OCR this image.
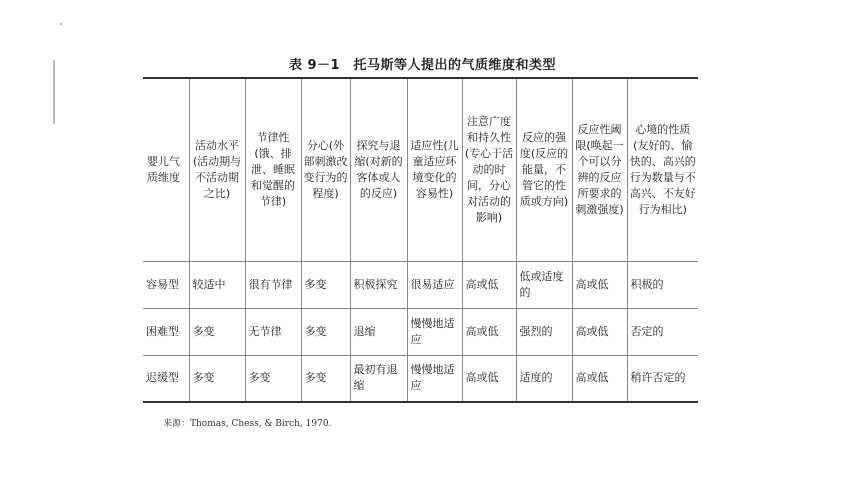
表 9－1　托马斯等人提出的气质维度和类型
婴儿气质维度	活动水平(活动期与不活动期之比)	节律性(饿、排泄、睡眠和觉醒的节律)	分心(外部刺激改变行为的程度)	探究与退缩(对新的客体或人的反应)	适应性(儿童适应环境变化的容易性)	注意广度和持久性(专心于活动的时间，分心对活动的影响)	反应的强度(反应的能量，不管它的性质或方向)	反应性阈限(唤起一个可以分辨的反应所要求的刺激强度)	心境的性质(友好的、愉快的、高兴的行为数量与不高兴、不友好行为相比)
容易型	较适中	很有节律	多变	积极探究	很易适应	高或低	低或适度的	高或低	积极的
困难型	多变	无节律	多变	退缩	慢慢地适应	高或低	强烈的	高或低	否定的
迟缓型	多变	多变	多变	最初有退缩	慢慢地适应	高或低	适度的	高或低	稍许否定的
来源：Thomas, Chess, & Birch, 1970.
